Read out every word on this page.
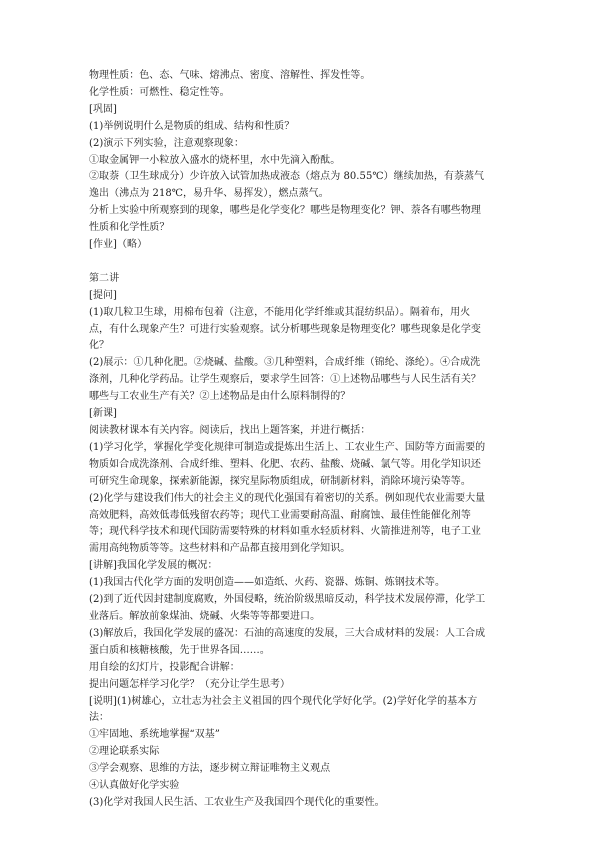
物理性质：色、态、气味、熔沸点、密度、溶解性、挥发性等。
化学性质：可燃性、稳定性等。
[巩固]
(1)举例说明什么是物质的组成、结构和性质？
(2)演示下列实验，注意观察现象：
①取金属钾一小粒放入盛水的烧杯里，水中先滴入酚酞。
②取萘（卫生球成分）少许放入试管加热成液态（熔点为 80.55℃）继续加热，有萘蒸气
逸出（沸点为 218℃，易升华、易挥发），燃点蒸气。
分析上实验中所观察到的现象，哪些是化学变化？哪些是物理变化？钾、萘各有哪些物理
性质和化学性质？
[作业]（略）
第二讲
[提问]
(1)取几粒卫生球，用棉布包着（注意，不能用化学纤维或其混纺织品）。隔着布，用火
点，有什么现象产生？可进行实验观察。试分析哪些现象是物理变化？哪些现象是化学变
化？
(2)展示：①几种化肥。②烧碱、盐酸。③几种塑料，合成纤维（锦纶、涤纶）。④合成洗
涤剂，几种化学药品。让学生观察后，要求学生回答：①上述物品哪些与人民生活有关？
哪些与工农业生产有关？②上述物品是由什么原料制得的？
[新课]
阅读教材课本有关内容。阅读后，找出上题答案，并进行概括：
(1)学习化学，掌握化学变化规律可制造或提炼出生活上、工农业生产、国防等方面需要的
物质如合成洗涤剂、合成纤维、塑料、化肥、农药、盐酸、烧碱、氯气等。用化学知识还
可研究生命现象，探索新能源，探究星际物质组成，研制新材料，消除环境污染等等。
(2)化学与建设我们伟大的社会主义的现代化强国有着密切的关系。例如现代农业需要大量
高效肥料，高效低毒低残留农药等；现代工业需要耐高温、耐腐蚀、最佳性能催化剂等
等；现代科学技术和现代国防需要特殊的材料如重水轻质材料、火箭推进剂等，电子工业
需用高纯物质等等。这些材料和产品都直接用到化学知识。
[讲解]我国化学发展的概况：
(1)我国古代化学方面的发明创造——如造纸、火药、瓷器、炼铜、炼钢技术等。
(2)到了近代因封建制度腐败，外国侵略，统治阶级黑暗反动，科学技术发展停滞，化学工
业落后。解放前象煤油、烧碱、火柴等等都要进口。
(3)解放后，我国化学发展的盛况：石油的高速度的发展，三大合成材料的发展：人工合成
蛋白质和核糖核酸，先于世界各国……。
用自绘的幻灯片，投影配合讲解：
提出问题怎样学习化学？（充分让学生思考）
[说明](1)树雄心，立壮志为社会主义祖国的四个现代化学好化学。(2)学好化学的基本方
法：
①牢固地、系统地掌握“双基”
②理论联系实际
③学会观察、思维的方法，逐步树立辩证唯物主义观点
④认真做好化学实验
(3)化学对我国人民生活、工农业生产及我国四个现代化的重要性。
